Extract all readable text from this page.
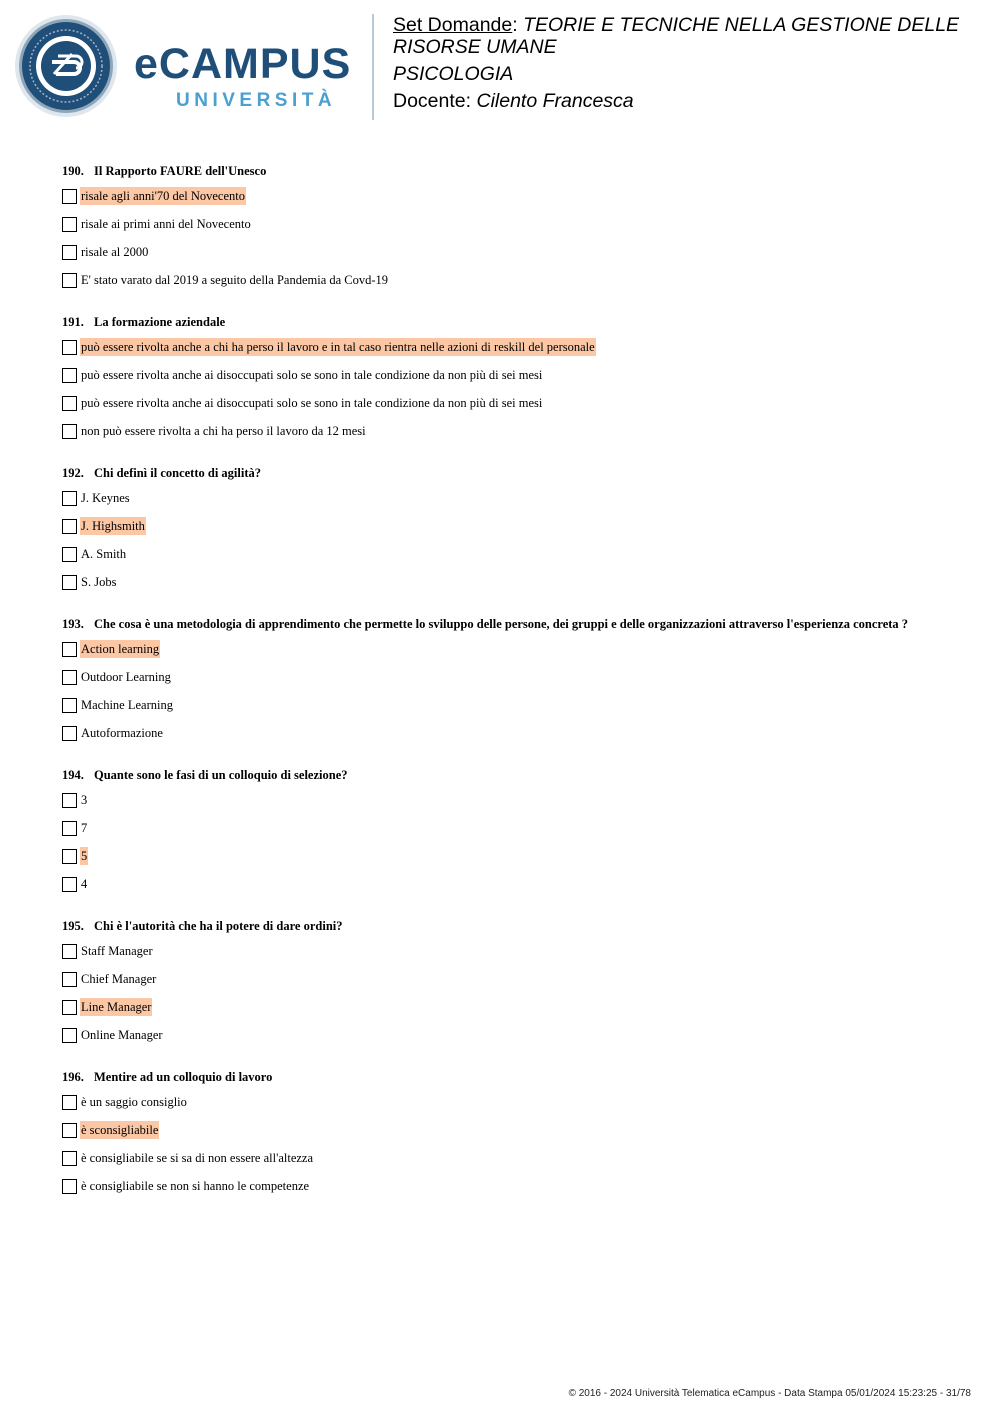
eCAMPUS
UNIVERSITÀ

Set Domande: TEORIE E TECNICHE NELLA GESTIONE DELLE

RISORSE UMANE

PSICOLOGIA

Docente: Cilento Francesca

190. Il Rapporto FAURE dell'Unesco
risale agli anni'70 del Novecento
risale ai primi anni del Novecento
risale al 2000
E' stato varato dal 2019 a seguito della Pandemia da Covd-19
191. La formazione aziendale
può essere rivolta anche a chi ha perso il lavoro e in tal caso rientra nelle azioni di reskill del personale
può essere rivolta anche ai disoccupati solo se sono in tale condizione da non più di sei mesi
può essere rivolta anche ai disoccupati solo se sono in tale condizione da non più di sei mesi
non può essere rivolta a chi ha perso il lavoro da 12 mesi
192. Chi definì il concetto di agilità?
J. Keynes
J. Highsmith
A. Smith
S. Jobs
193. Che cosa è una metodologia di apprendimento che permette lo sviluppo delle persone, dei gruppi e delle organizzazioni attraverso l'esperienza concreta ?
Action learning
Outdoor Learning
Machine Learning
Autoformazione
194. Quante sono le fasi di un colloquio di selezione?
3
7
5
4
195. Chi è l'autorità che ha il potere di dare ordini?
Staff Manager
Chief Manager
Line Manager
Online Manager
196. Mentire ad un colloquio di lavoro
è un saggio consiglio
è sconsigliabile
è consigliabile se si sa di non essere all'altezza
è consigliabile se non si hanno le competenze
© 2016 - 2024 Università Telematica eCampus - Data Stampa 05/01/2024 15:23:25 - 31/78
